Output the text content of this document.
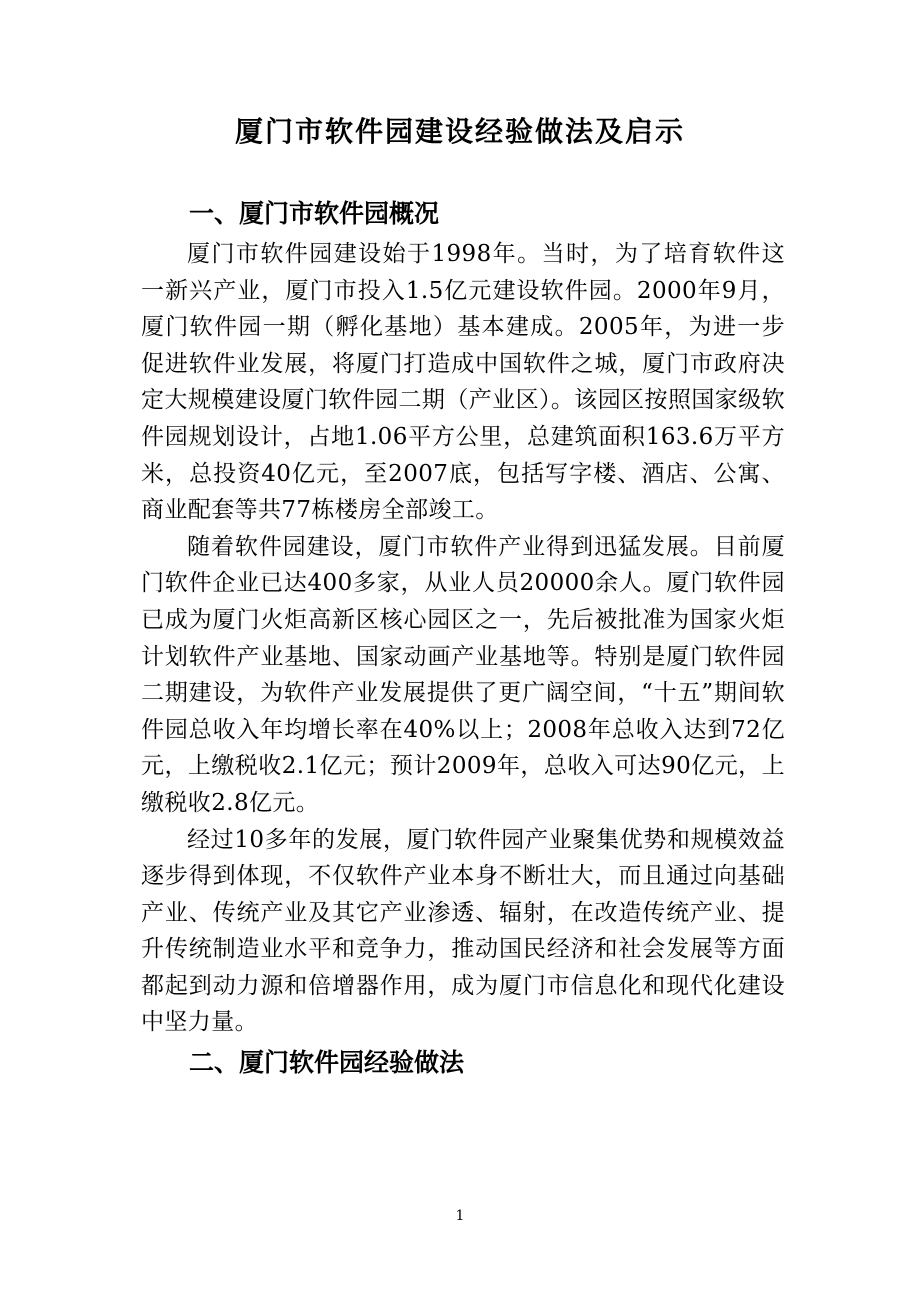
厦门市软件园建设经验做法及启示
一、厦门市软件园概况

厦门市软件园建设始于1998年。当时，为了培育软件这一新兴产业，厦门市投入1.5亿元建设软件园。2000年9月，厦门软件园一期（孵化基地）基本建成。2005年，为进一步促进软件业发展，将厦门打造成中国软件之城，厦门市政府决定大规模建设厦门软件园二期（产业区）。该园区按照国家级软件园规划设计，占地1.06平方公里，总建筑面积163.6万平方米，总投资40亿元，至2007底，包括写字楼、酒店、公寓、商业配套等共77栋楼房全部竣工。

随着软件园建设，厦门市软件产业得到迅猛发展。目前厦门软件企业已达400多家，从业人员20000余人。厦门软件园已成为厦门火炬高新区核心园区之一，先后被批准为国家火炬计划软件产业基地、国家动画产业基地等。特别是厦门软件园二期建设，为软件产业发展提供了更广阔空间，“十五”期间软件园总收入年均增长率在40%以上；2008年总收入达到72亿元，上缴税收2.1亿元；预计2009年，总收入可达90亿元，上缴税收2.8亿元。

经过10多年的发展，厦门软件园产业聚集优势和规模效益逐步得到体现，不仅软件产业本身不断壮大，而且通过向基础产业、传统产业及其它产业渗透、辐射，在改造传统产业、提升传统制造业水平和竞争力，推动国民经济和社会发展等方面都起到动力源和倍增器作用，成为厦门市信息化和现代化建设中坚力量。

二、厦门软件园经验做法
1
